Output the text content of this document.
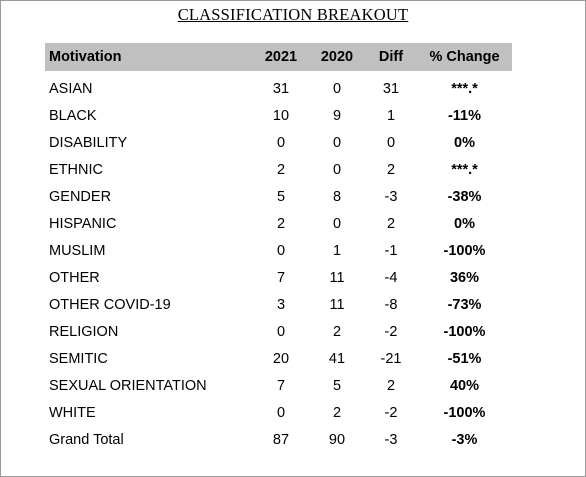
CLASSIFICATION BREAKOUT
Motivation	2021	2020	Diff	% Change
ASIAN	31	0	31	***.*
BLACK	10	9	1	-11%
DISABILITY	0	0	0	0%
ETHNIC	2	0	2	***.*
GENDER	5	8	-3	-38%
HISPANIC	2	0	2	0%
MUSLIM	0	1	-1	-100%
OTHER	7	11	-4	36%
OTHER COVID-19	3	11	-8	-73%
RELIGION	0	2	-2	-100%
SEMITIC	20	41	-21	-51%
SEXUAL ORIENTATION	7	5	2	40%
WHITE	0	2	-2	-100%
Grand Total	87	90	-3	-3%
